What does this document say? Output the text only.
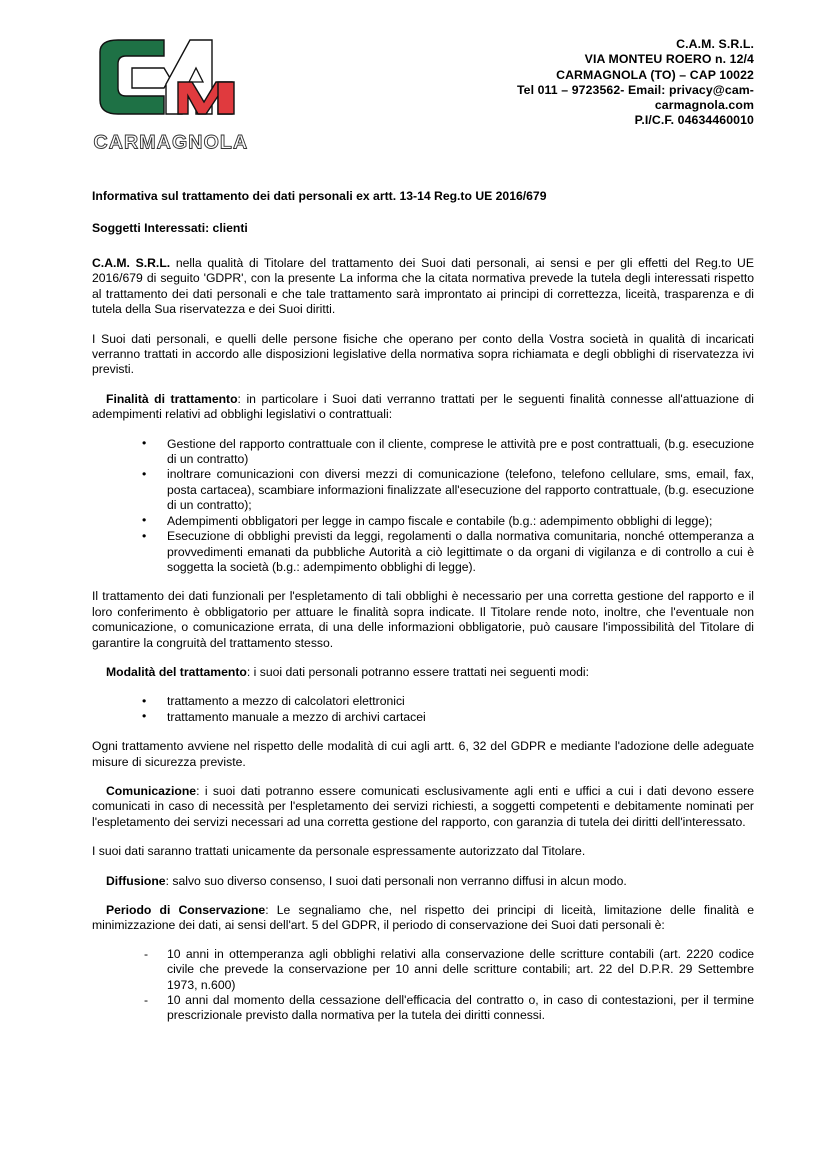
CARMAGNOLA
C.A.M. S.R.L.
VIA MONTEU ROERO n. 12/4
CARMAGNOLA (TO) – CAP 10022
Tel 011 – 9723562- Email: privacy@cam-
carmagnola.com
P.I/C.F. 04634460010
Informativa sul trattamento dei dati personali ex artt. 13-14 Reg.to UE 2016/679
Soggetti Interessati: clienti

C.A.M. S.R.L. nella qualità di Titolare del trattamento dei Suoi dati personali, ai sensi e per gli effetti del Reg.to UE 2016/679 di seguito 'GDPR', con la presente La informa che la citata normativa prevede la tutela degli interessati rispetto al trattamento dei dati personali e che tale trattamento sarà improntato ai principi di correttezza, liceità, trasparenza e di tutela della Sua riservatezza e dei Suoi diritti.

I Suoi dati personali, e quelli delle persone fisiche che operano per conto della Vostra società in qualità di incaricati verranno trattati in accordo alle disposizioni legislative della normativa sopra richiamata e degli obblighi di riservatezza ivi previsti.

Finalità di trattamento: in particolare i Suoi dati verranno trattati per le seguenti finalità connesse all'attuazione di adempimenti relativi ad obblighi legislativi o contrattuali:

• Gestione del rapporto contrattuale con il cliente, comprese le attività pre e post contrattuali, (b.g. esecuzione di un contratto)
• inoltrare comunicazioni con diversi mezzi di comunicazione (telefono, telefono cellulare, sms, email, fax, posta cartacea), scambiare informazioni finalizzate all'esecuzione del rapporto contrattuale, (b.g. esecuzione di un contratto);
• Adempimenti obbligatori per legge in campo fiscale e contabile (b.g.: adempimento obblighi di legge);
• Esecuzione di obblighi previsti da leggi, regolamenti o dalla normativa comunitaria, nonché ottemperanza a provvedimenti emanati da pubbliche Autorità a ciò legittimate o da organi di vigilanza e di controllo a cui è soggetta la società (b.g.: adempimento obblighi di legge).

Il trattamento dei dati funzionali per l'espletamento di tali obblighi è necessario per una corretta gestione del rapporto e il loro conferimento è obbligatorio per attuare le finalità sopra indicate. Il Titolare rende noto, inoltre, che l'eventuale non comunicazione, o comunicazione errata, di una delle informazioni obbligatorie, può causare l'impossibilità del Titolare di garantire la congruità del trattamento stesso.

Modalità del trattamento: i suoi dati personali potranno essere trattati nei seguenti modi:

• trattamento a mezzo di calcolatori elettronici
• trattamento manuale a mezzo di archivi cartacei

Ogni trattamento avviene nel rispetto delle modalità di cui agli artt. 6, 32 del GDPR e mediante l'adozione delle adeguate misure di sicurezza previste.

Comunicazione: i suoi dati potranno essere comunicati esclusivamente agli enti e uffici a cui i dati devono essere comunicati in caso di necessità per l'espletamento dei servizi richiesti, a soggetti competenti e debitamente nominati per l'espletamento dei servizi necessari ad una corretta gestione del rapporto, con garanzia di tutela dei diritti dell'interessato.

I suoi dati saranno trattati unicamente da personale espressamente autorizzato dal Titolare.

Diffusione: salvo suo diverso consenso, I suoi dati personali non verranno diffusi in alcun modo.

Periodo di Conservazione: Le segnaliamo che, nel rispetto dei principi di liceità, limitazione delle finalità e minimizzazione dei dati, ai sensi dell'art. 5 del GDPR, il periodo di conservazione dei Suoi dati personali è:

- 10 anni in ottemperanza agli obblighi relativi alla conservazione delle scritture contabili (art. 2220 codice civile che prevede la conservazione per 10 anni delle scritture contabili; art. 22 del D.P.R. 29 Settembre 1973, n.600)
- 10 anni dal momento della cessazione dell'efficacia del contratto o, in caso di contestazioni, per il termine prescrizionale previsto dalla normativa per la tutela dei diritti connessi.
